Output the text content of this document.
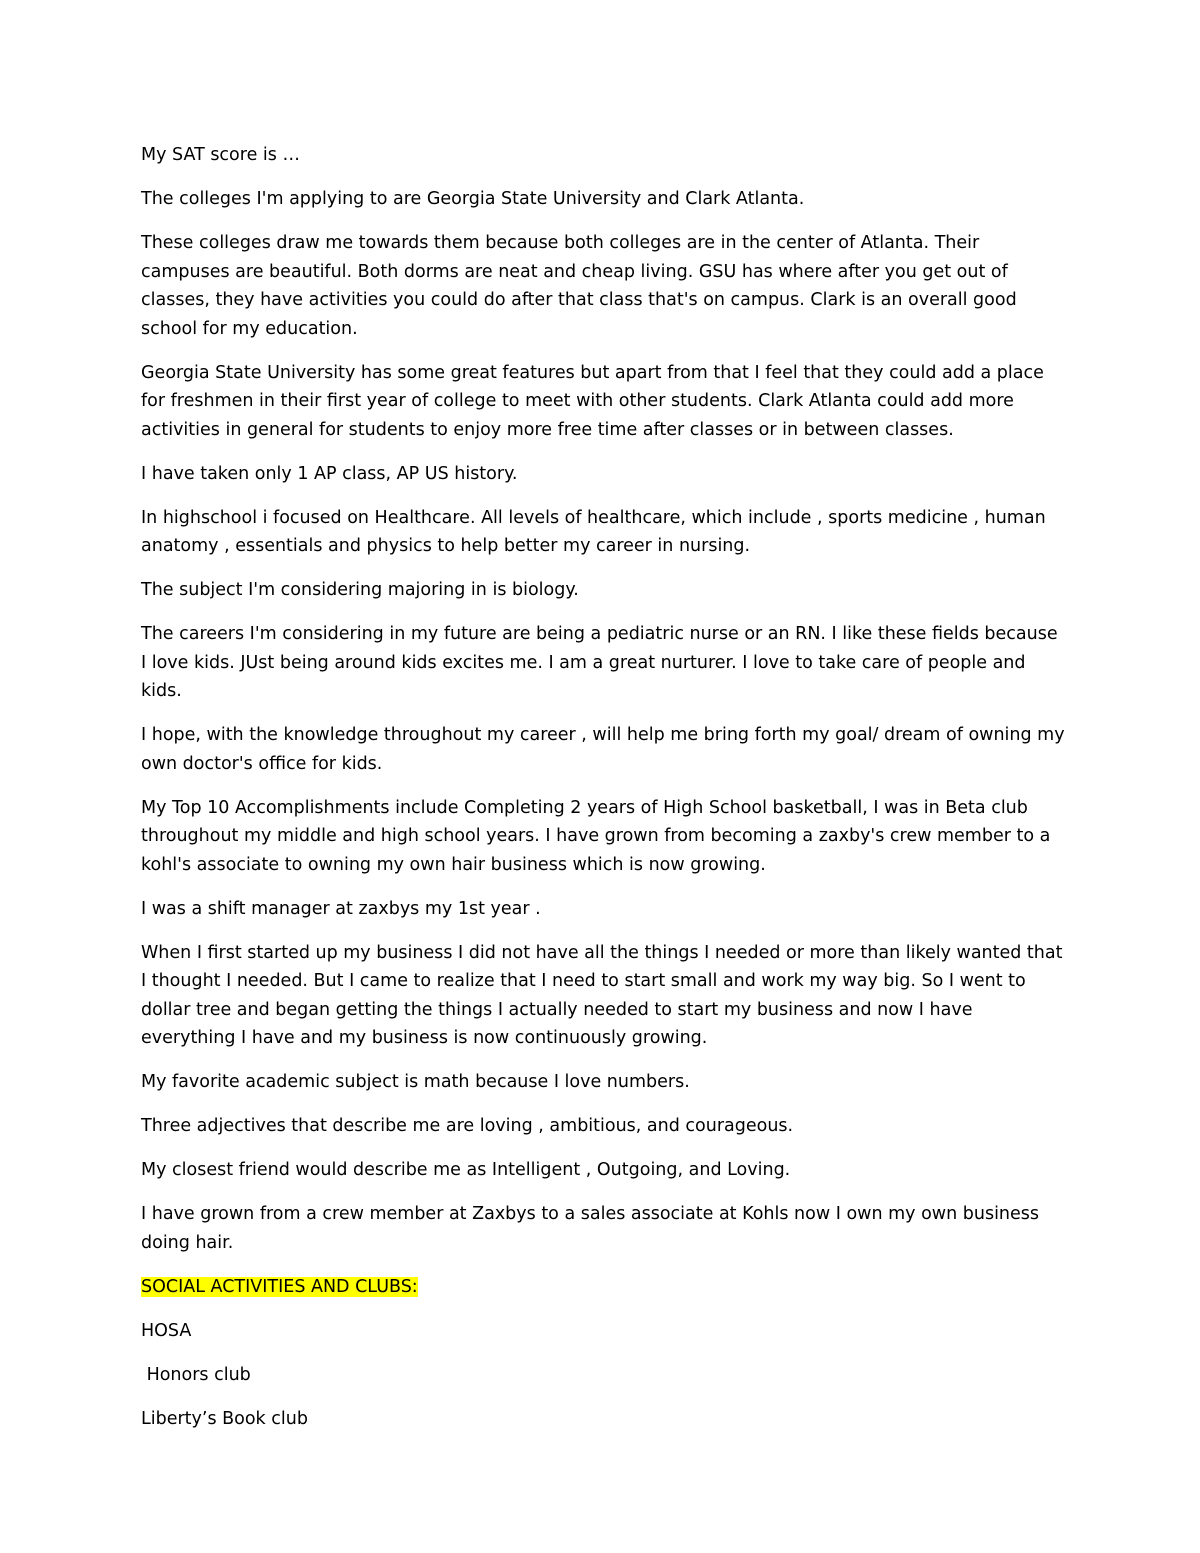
My SAT score is …

The colleges I'm applying to are Georgia State University and Clark Atlanta.

These colleges draw me towards them because both colleges are in the center of Atlanta. Their campuses are beautiful. Both dorms are neat and cheap living. GSU has where after you get out of classes, they have activities you could do after that class that's on campus. Clark is an overall good school for my education.

Georgia State University has some great features but apart from that I feel that they could add a place for freshmen in their first year of college to meet with other students. Clark Atlanta could add more activities in general for students to enjoy more free time after classes or in between classes.

I have taken only 1 AP class, AP US history.

In highschool i focused on Healthcare. All levels of healthcare, which include , sports medicine , human anatomy , essentials and physics to help better my career in nursing.

The subject I'm considering majoring in is biology.

The careers I'm considering in my future are being a pediatric nurse or an RN. I like these fields because I love kids. JUst being around kids excites me. I am a great nurturer. I love to take care of people and kids.

I hope, with the knowledge throughout my career , will help me bring forth my goal/ dream of owning my own doctor's office for kids.

My Top 10 Accomplishments include Completing 2 years of High School basketball, I was in Beta club throughout my middle and high school years. I have grown from becoming a zaxby's crew member to a kohl's associate to owning my own hair business which is now growing.

I was a shift manager at zaxbys my 1st year .

When I first started up my business I did not have all the things I needed or more than likely wanted that I thought I needed. But I came to realize that I need to start small and work my way big. So I went to dollar tree and began getting the things I actually needed to start my business and now I have everything I have and my business is now continuously growing.

My favorite academic subject is math because I love numbers.

Three adjectives that describe me are loving , ambitious, and courageous.

My closest friend would describe me as Intelligent , Outgoing, and Loving.

I have grown from a crew member at Zaxbys to a sales associate at Kohls now I own my own business doing hair.

SOCIAL ACTIVITIES AND CLUBS:

HOSA

Honors club

Liberty’s Book club
